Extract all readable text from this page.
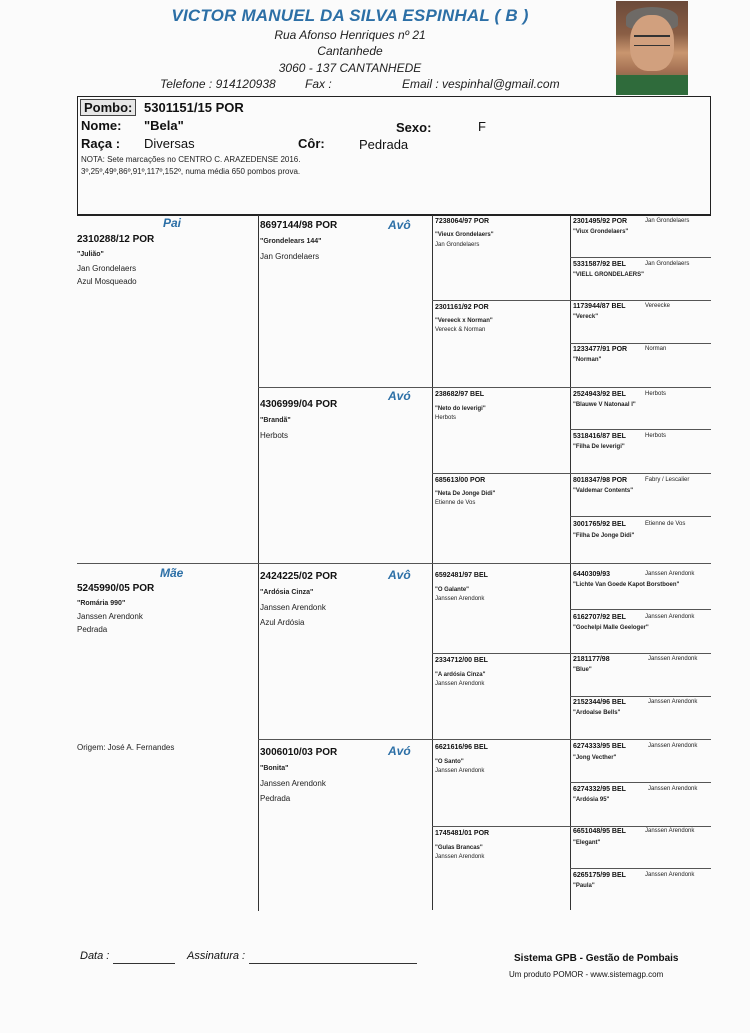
VICTOR MANUEL DA SILVA ESPINHAL ( B )
Rua Afonso Henriques nº 21
Cantanhede
3060 - 137 CANTANHEDE
Telefone : 914120938 Fax :	Email : vespinhal@gmail.com
Pombo: 5301151/15 POR
Nome: "Bela"	Sexo:	F
Raça : Diversas	Côr:	Pedrada
NOTA: Sete marcações no CENTRO C. ARAZEDENSE 2016.
3º,25º,49º,86º,91º,117º,152º, numa média 650 pombos prova.
Pai
2310288/12 POR
"Julião"
Jan Grondelaers
Azul Mosqueado
Mãe
5245990/05 POR
"Romária 990"
Janssen Arendonk
Pedrada
Origem: José A. Fernandes
Avô
8697144/98 POR
"Grondelears 144"
Jan Grondelaers
Avó
4306999/04 POR
"Brandã"
Herbots
Avô
2424225/02 POR
"Ardósia Cinza"
Janssen Arendonk
Azul Ardósia
Avó
3006010/03 POR
"Bonita"
Janssen Arendonk
Pedrada
7238064/97 POR
"Vieux Grondelaers"
Jan Grondelaers
2301161/92 POR
"Vereeck x Norman"
Vereeck & Norman
238682/97 BEL
"Neto do leverigi"
Herbots
685613/00 POR
"Neta De Jonge Didi"
Etienne de Vos
6592481/97 BEL
"O Galante"
Janssen Arendonk
2334712/00 BEL
"A ardósia Cinza"
Janssen Arendonk
6621616/96 BEL
"O Santo"
Janssen Arendonk
1745481/01 POR
"Gulas Brancas"
Janssen Arendonk
2301495/92 POR	Jan Grondelaers
"Viux Grondelaers"
5331587/92 BEL	Jan Grondelaers
"VIELL GRONDELAERS"
1173944/87 BEL	Vereecke
"Vereck"
1233477/91 POR	Norman
"Norman"
2524943/92 BEL	Herbots
"Blauwe V Natonaal I"
5318416/87 BEL	Herbots
"Filha De leverigi"
8018347/98 POR	Fabry / Lescalier
"Valdemar Contents"
3001765/92 BEL	Etienne de Vos
"Filha De Jonge Didi"
6440309/93	Janssen Arendonk
"Lichte Van Goede Kapot Borstboen"
6162707/92 BEL	Janssen Arendonk
"Gochelpi Malle Geeloger"
2181177/98	Janssen Arendonk
"Blue"
2152344/96 BEL	Janssen Arendonk
"Ardoalse Bells"
6274333/95 BEL	Janssen Arendonk
"Jong Vecther"
6274332/95 BEL	Janssen Arendonk
"Ardósia 95"
6651048/95 BEL	Janssen Arendonk
"Elegant"
6265175/99 BEL	Janssen Arendonk
"Paula"
Data :	Assinatura :	Sistema GPB - Gestão de Pombais
Um produto POMOR - www.sistemagp.com
